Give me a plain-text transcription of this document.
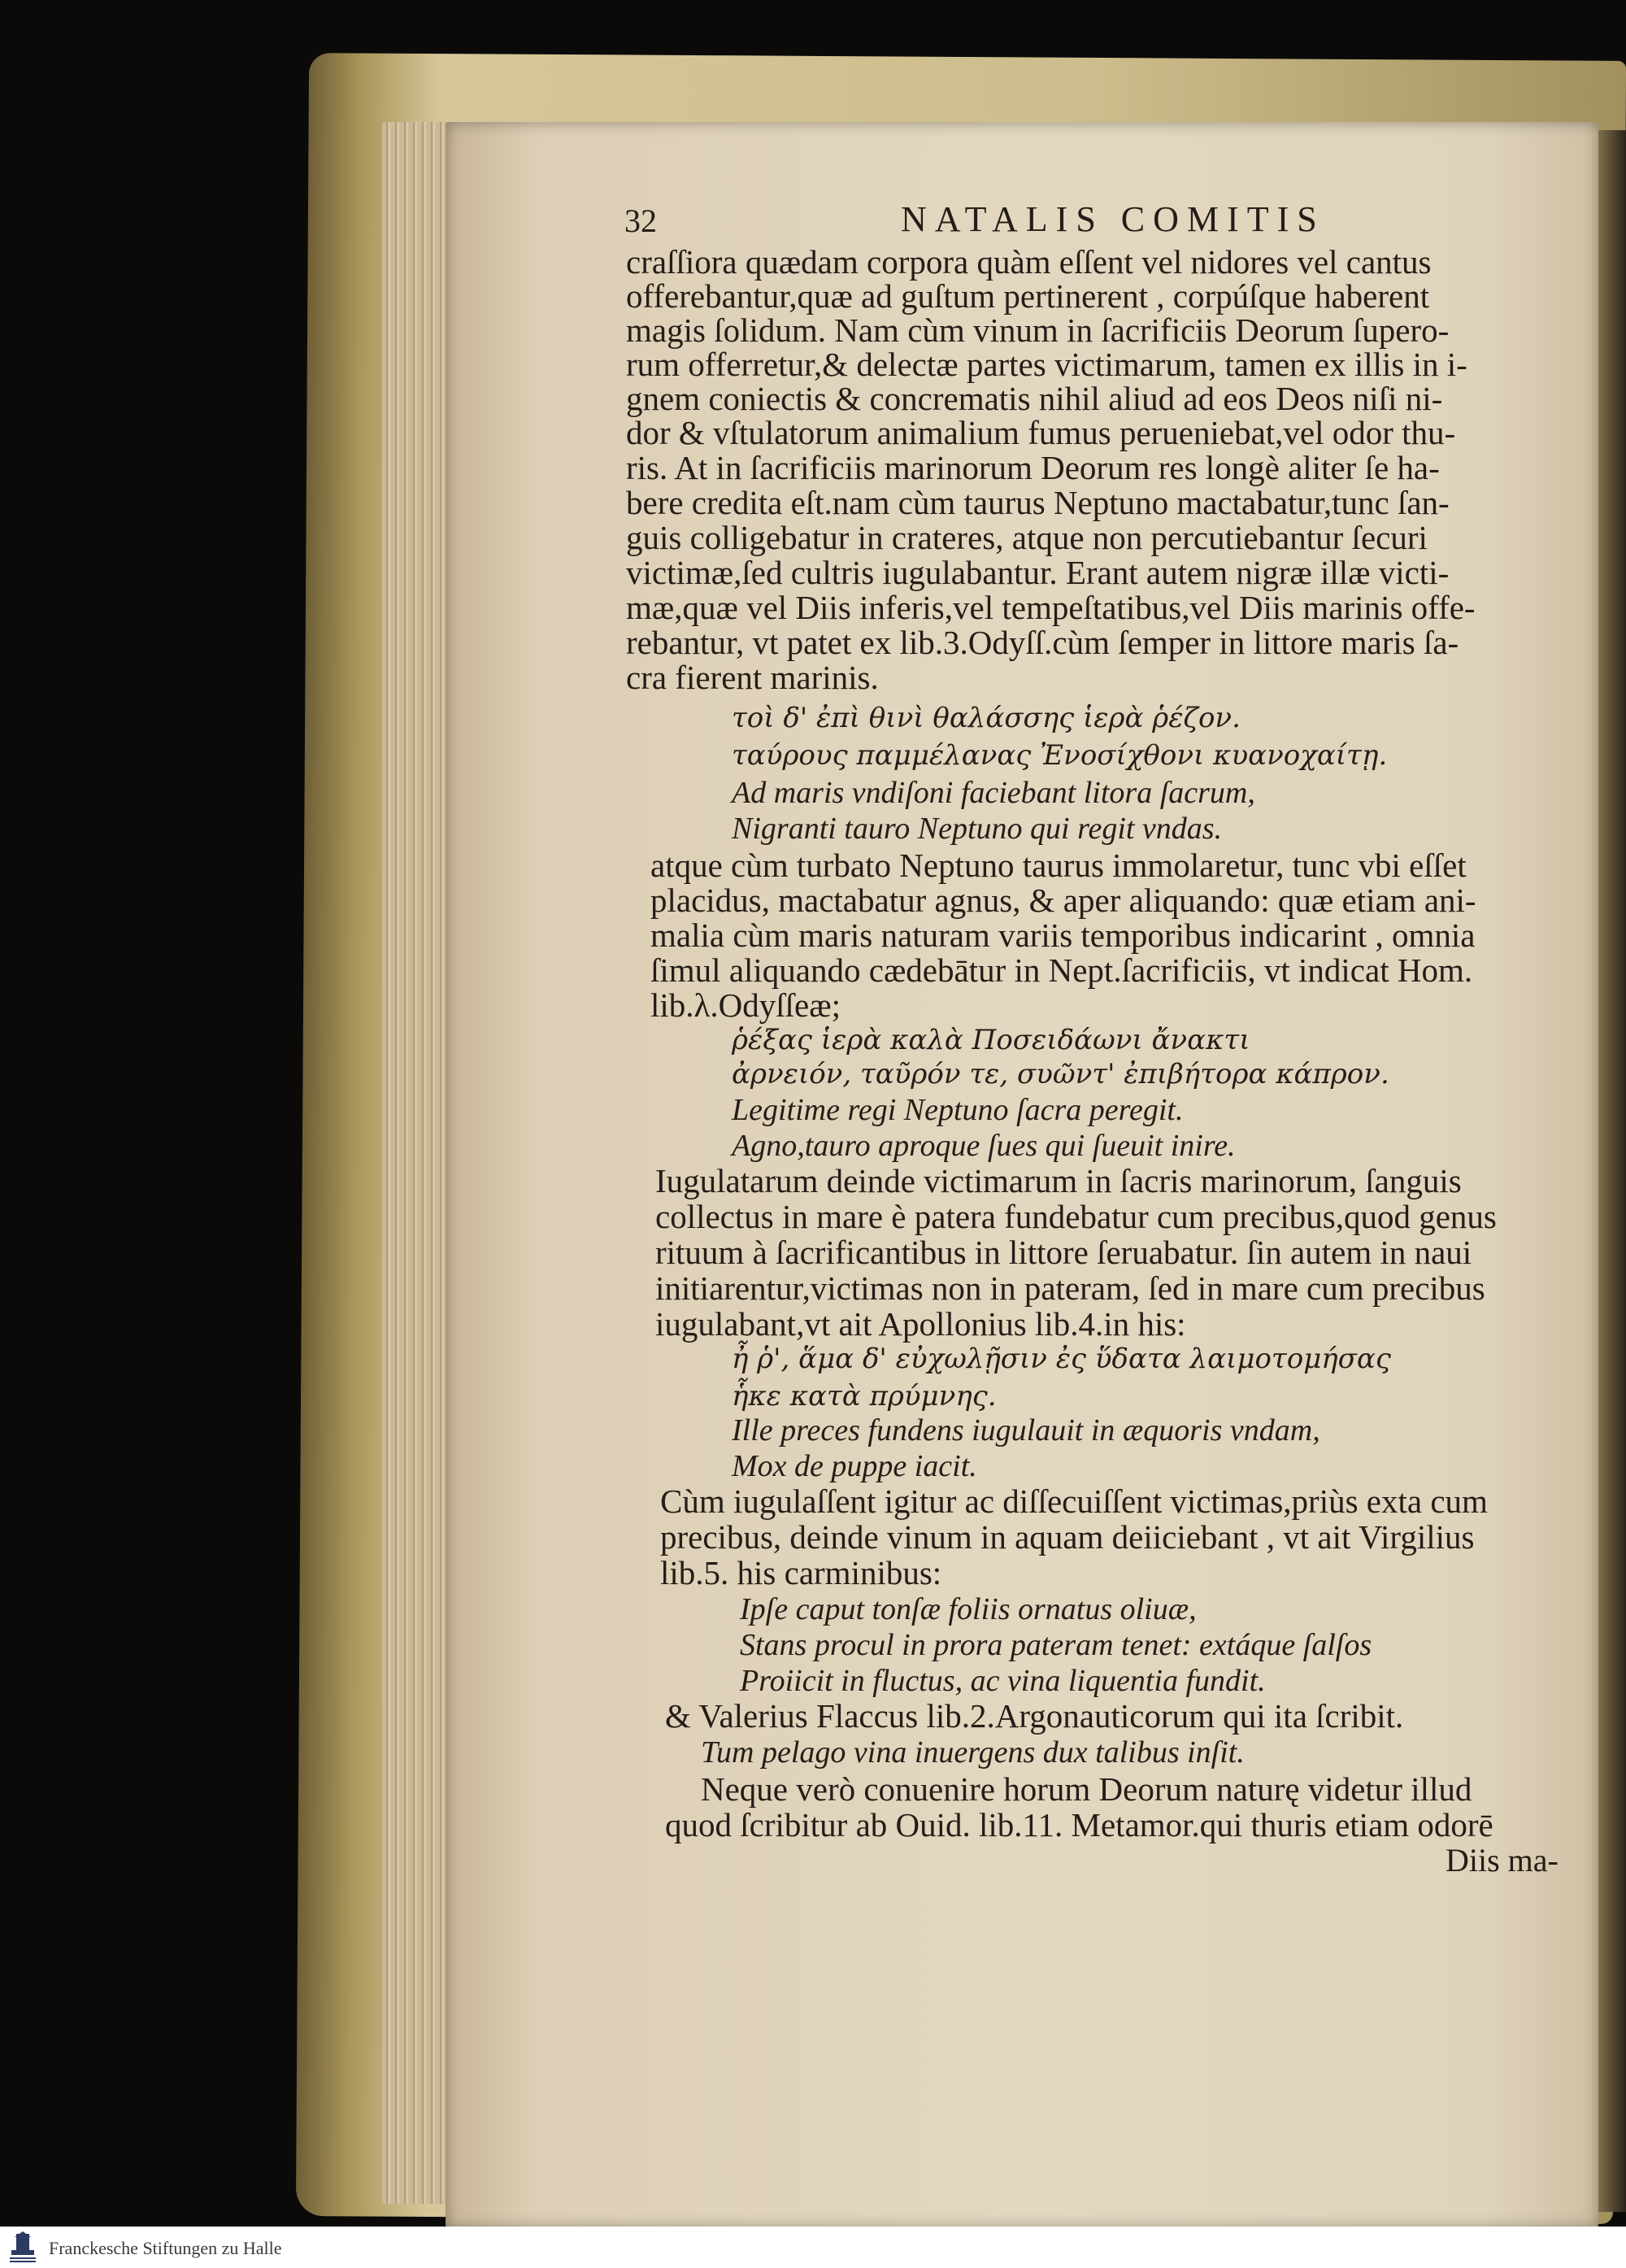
32	NATALIS COMITIS
craſſiora quædam corpora quàm eſſent vel nidores vel cantus
offerebantur,quæ ad guſtum pertinerent , corpúſque haberent
magis ſolidum. Nam cùm vinum in ſacrificiis Deorum ſupero-
rum offerretur,& delectæ partes victimarum, tamen ex illis in i-
gnem coniectis & concrematis nihil aliud ad eos Deos niſi ni-
dor & vſtulatorum animalium fumus perueniebat,vel odor thu-
ris. At in ſacrificiis marinorum Deorum res longè aliter ſe ha-
bere credita eſt.nam cùm taurus Neptuno mactabatur,tunc ſan-
guis colligebatur in crateres, atque non percutiebantur ſecuri
victimæ,ſed cultris iugulabantur. Erant autem nigræ illæ victi-
mæ,quæ vel Diis inferis,vel tempeſtatibus,vel Diis marinis offe-
rebantur, vt patet ex lib.3.Odyſſ.cùm ſemper in littore maris ſa-
cra fierent marinis.
τοὶ δ' ἐπὶ θινὶ θαλάσσης ἱερὰ ῥέζον.
ταύρους παμμέλανας Ἐνοσίχθονι κυανοχαίτῃ.
Ad maris vndiſoni faciebant litora ſacrum,
Nigranti tauro Neptuno qui regit vndas.
atque cùm turbato Neptuno taurus immolaretur, tunc vbi eſſet
placidus, mactabatur agnus, & aper aliquando: quæ etiam ani-
malia cùm maris naturam variis temporibus indicarint , omnia
ſimul aliquando cædebātur in Nept.ſacrificiis, vt indicat Hom.
lib.λ.Odyſſeæ;
ῥέξας ἱερὰ καλὰ Ποσειδάωνι ἄνακτι
ἀρνειόν, ταῦρόν τε, συῶντ' ἐπιβήτορα κάπρον.
Legitime regi Neptuno ſacra peregit.
Agno,tauro aproque ſues qui ſueuit inire.
Iugulatarum deinde victimarum in ſacris marinorum, ſanguis
collectus in mare è patera fundebatur cum precibus,quod genus
rituum à ſacrificantibus in littore ſeruabatur. ſin autem in naui
initiarentur,victimas non in pateram, ſed in mare cum precibus
iugulabant,vt ait Apollonius lib.4.in his:
ἦ ῥ', ἅμα δ' εὐχωλῇσιν ἐς ὕδατα λαιμοτομήσας
ἧκε κατὰ πρύμνης.
Ille preces fundens iugulauit in æquoris vndam,
Mox de puppe iacit.
Cùm iugulaſſent igitur ac diſſecuiſſent victimas,priùs exta cum
precibus, deinde vinum in aquam deiiciebant , vt ait Virgilius
lib.5. his carminibus:
Ipſe caput tonſæ foliis ornatus oliuæ,
Stans procul in prora pateram tenet: extáque ſalſos
Proiicit in fluctus, ac vina liquentia fundit.
& Valerius Flaccus lib.2.Argonauticorum qui ita ſcribit.
Tum pelago vina inuergens dux talibus inſit.
Neque verò conuenire horum Deorum naturę videtur illud
quod ſcribitur ab Ouid. lib.11. Metamor.qui thuris etiam odorē
Diis ma-
Franckesche Stiftungen zu Halle
